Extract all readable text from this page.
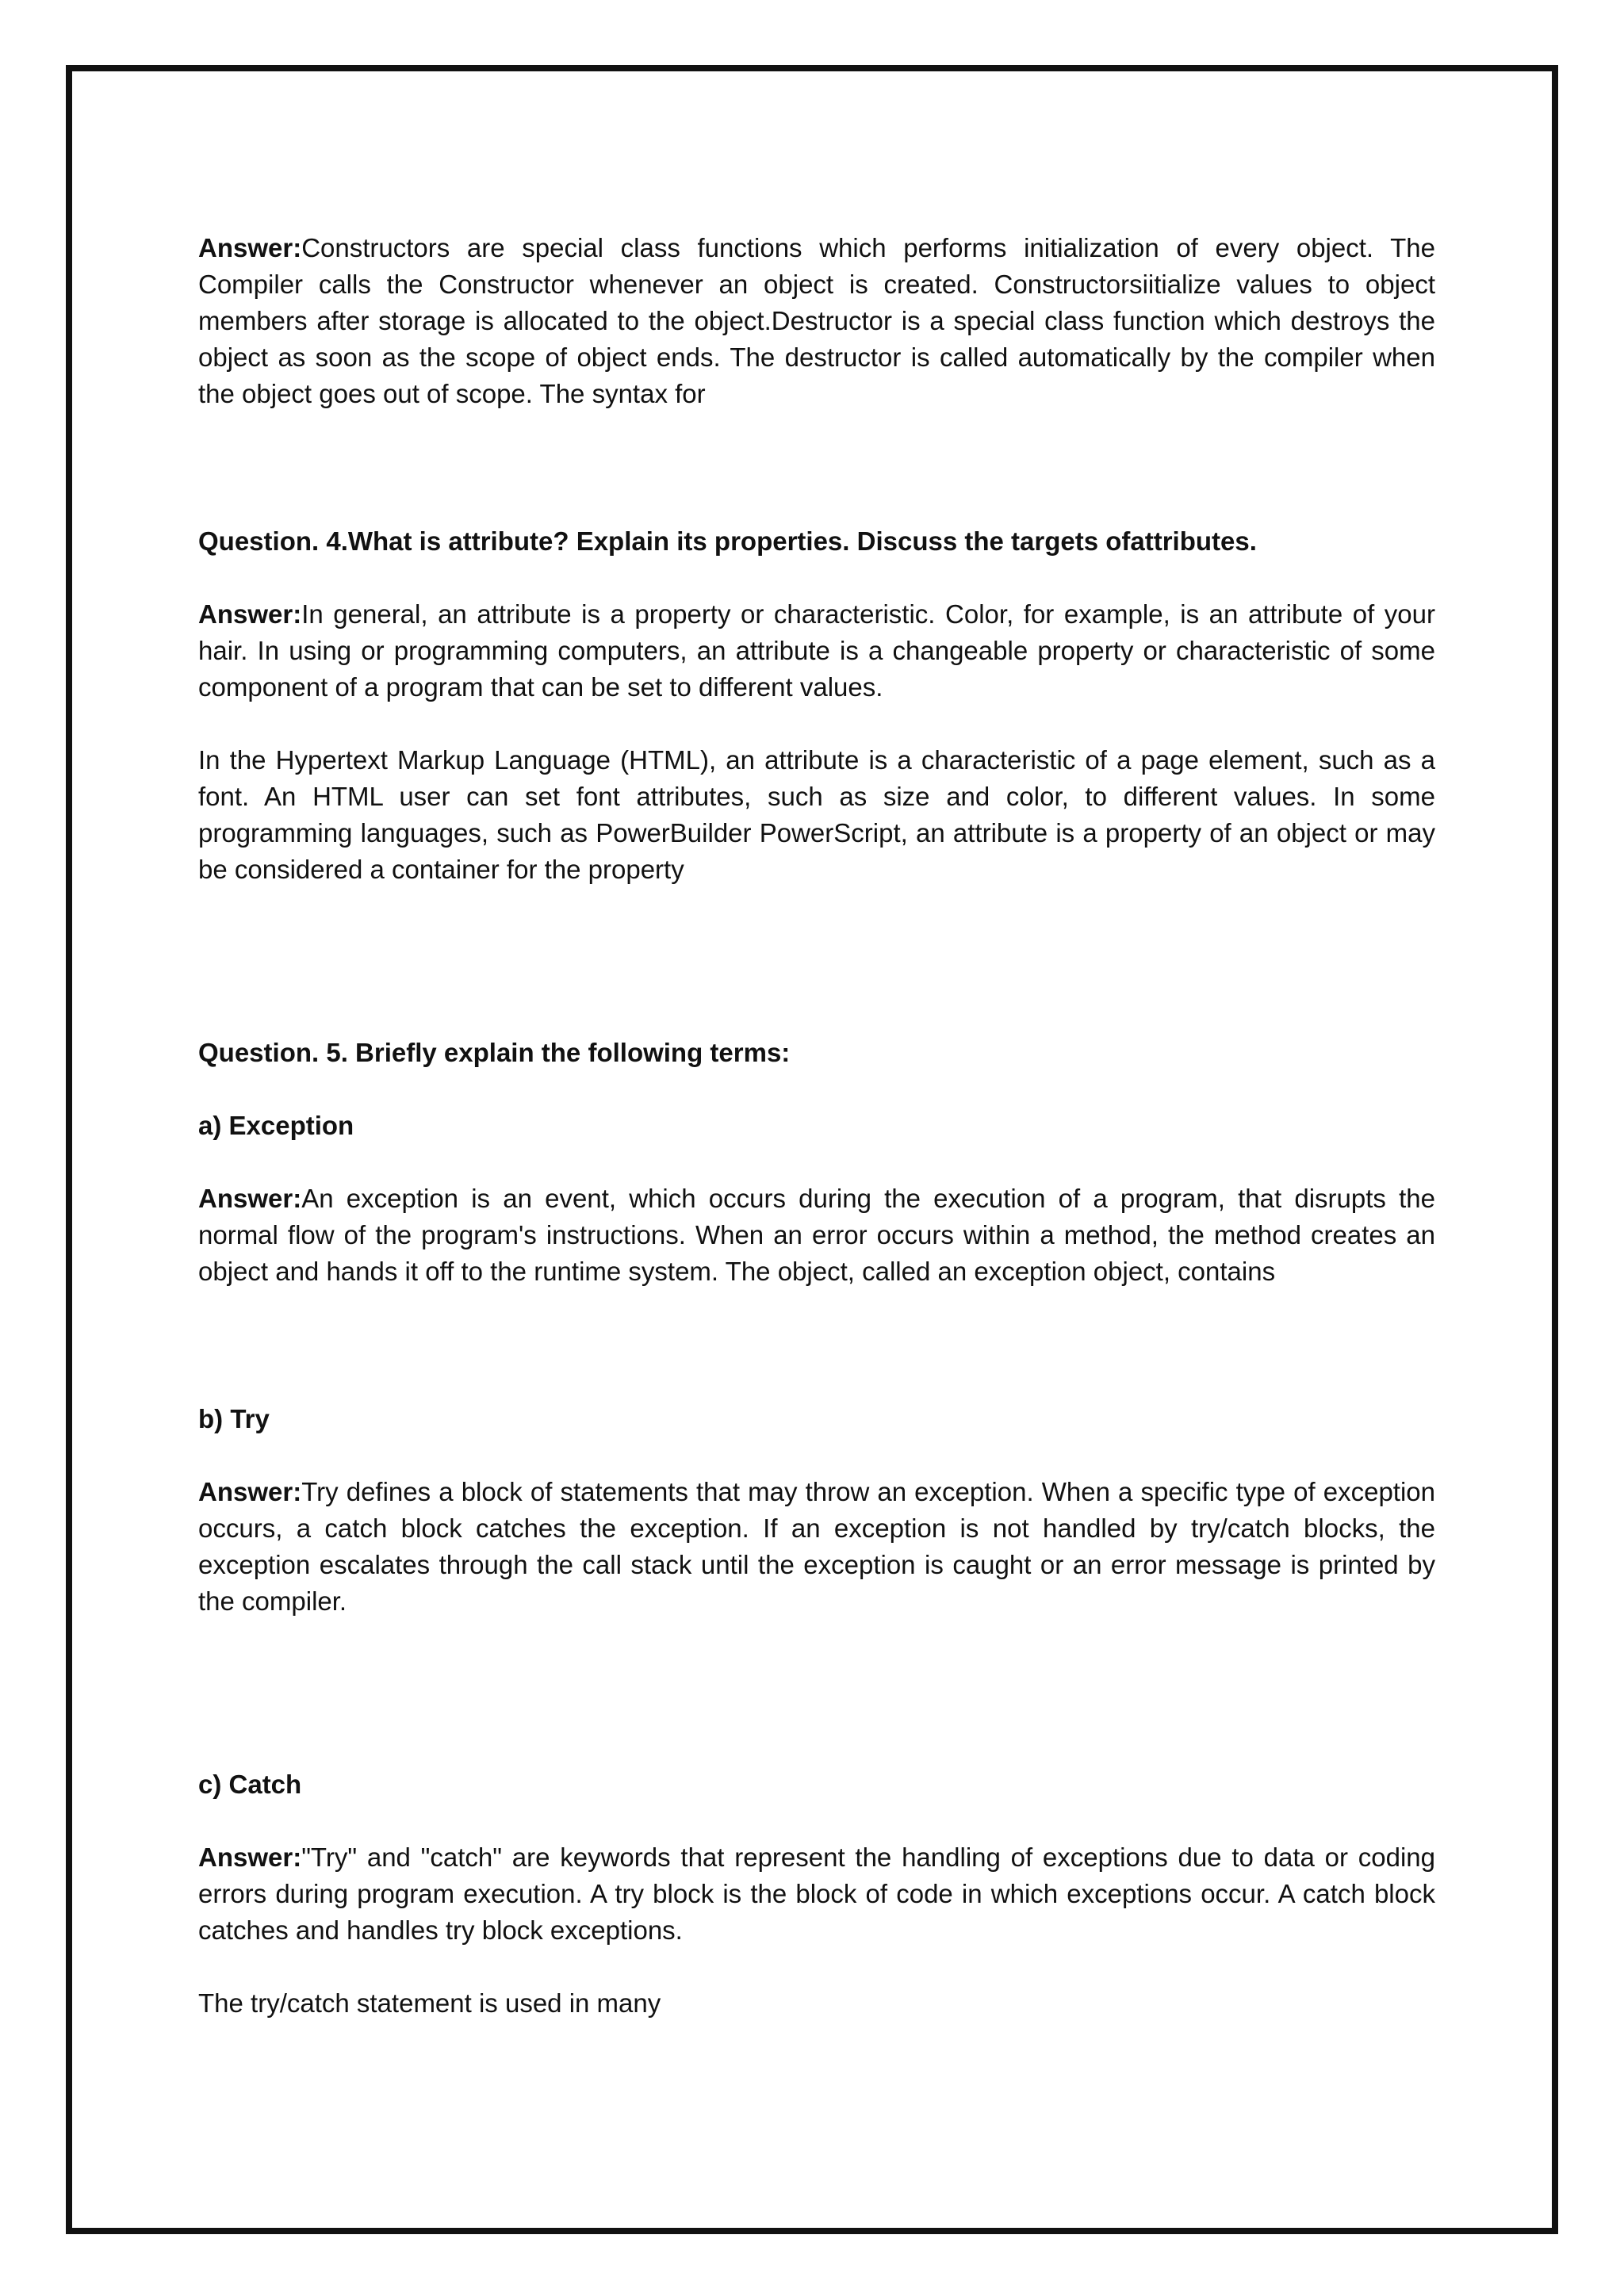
Answer:Constructors are special class functions which performs initialization of every object. The Compiler calls the Constructor whenever an object is created. Constructorsiitialize values to object members after storage is allocated to the object.Destructor is a special class function which destroys the object as soon as the scope of object ends. The destructor is called automatically by the compiler when the object goes out of scope. The syntax for

Question. 4.What is attribute? Explain its properties. Discuss the targets ofattributes.

Answer:In general, an attribute is a property or characteristic. Color, for example, is an attribute of your hair. In using or programming computers, an attribute is a changeable property or characteristic of some component of a program that can be set to different values.

In the Hypertext Markup Language (HTML), an attribute is a characteristic of a page element, such as a font. An HTML user can set font attributes, such as size and color, to different values. In some programming languages, such as PowerBuilder PowerScript, an attribute is a property of an object or may be considered a container for the property

Question. 5. Briefly explain the following terms:

a) Exception

Answer:An exception is an event, which occurs during the execution of a program, that disrupts the normal flow of the program's instructions. When an error occurs within a method, the method creates an object and hands it off to the runtime system. The object, called an exception object, contains

b) Try

Answer:Try defines a block of statements that may throw an exception. When a specific type of exception occurs, a catch block catches the exception. If an exception is not handled by try/catch blocks, the exception escalates through the call stack until the exception is caught or an error message is printed by the compiler.

c) Catch

Answer:"Try" and "catch" are keywords that represent the handling of exceptions due to data or coding errors during program execution. A try block is the block of code in which exceptions occur. A catch block catches and handles try block exceptions.

The try/catch statement is used in many
